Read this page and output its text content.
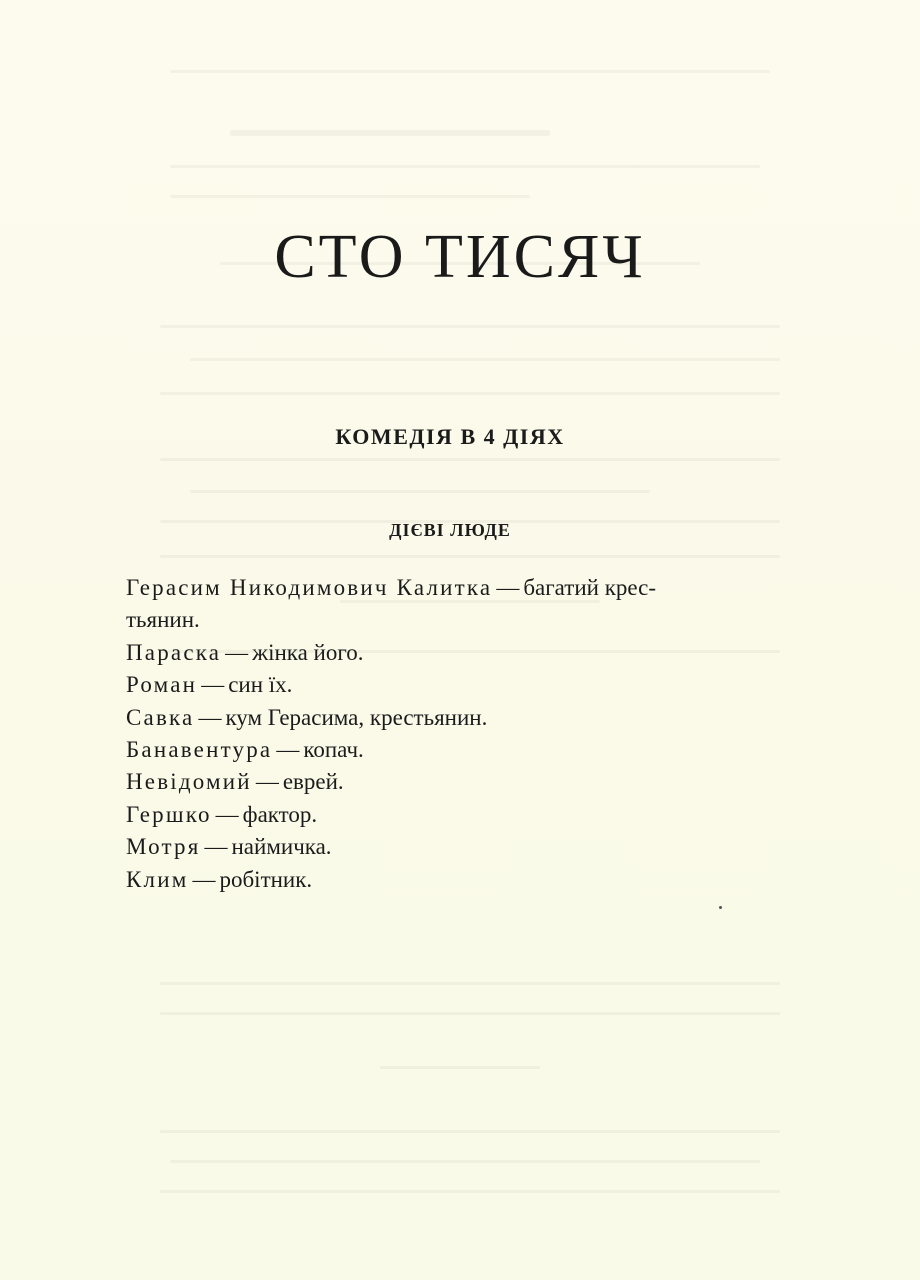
СТО ТИСЯЧ
КОМЕДІЯ В 4 ДІЯХ
ДІЄВІ ЛЮДЕ
Герасим Никодимович Калитка — багатий крес-
тьянин.
Параска — жінка його.
Роман — син їх.
Савка — кум Герасима, крестьянин.
Банавентура — копач.
Невідомий — еврей.
Гершко — фактор.
Мотря — наймичка.
Клим — робітник.
